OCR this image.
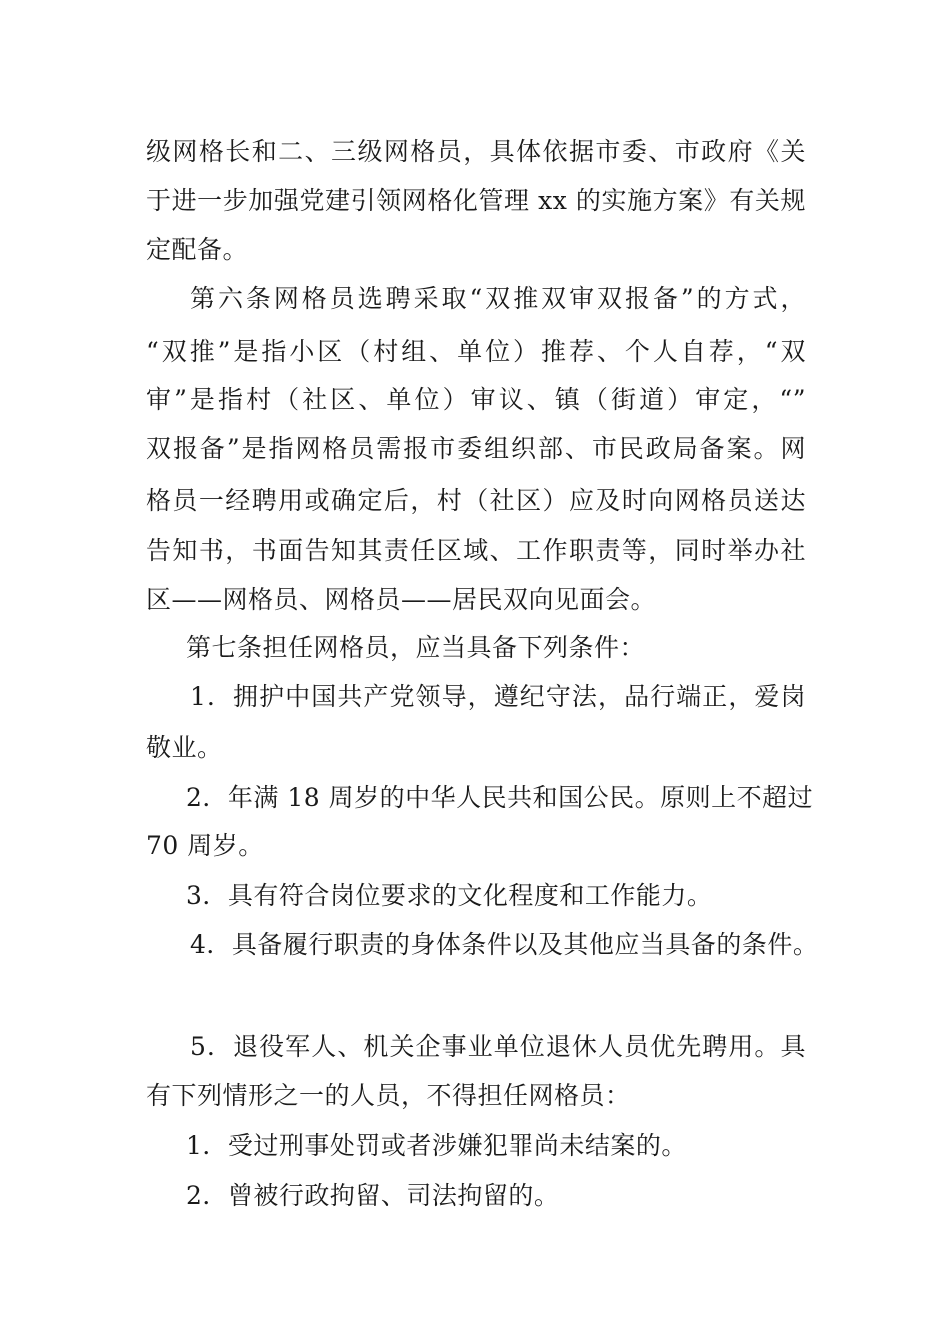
级网格长和二、三级网格员，具体依据市委、市政府《关
于进一步加强党建引领网格化管理 xx 的实施方案》有关规
定配备。
第六条网格员选聘采取“双推双审双报备”的方式，
“双推”是指小区（村组、单位）推荐、个人自荐，“双
审”是指村（社区、单位）审议、镇（街道）审定，“”
双报备”是指网格员需报市委组织部、市民政局备案。网
格员一经聘用或确定后，村（社区）应及时向网格员送达
告知书，书面告知其责任区域、工作职责等，同时举办社
区——网格员、网格员——居民双向见面会。
第七条担任网格员，应当具备下列条件：
1．拥护中国共产党领导，遵纪守法，品行端正，爱岗
敬业。
2．年满 18 周岁的中华人民共和国公民。原则上不超过
70 周岁。
3．具有符合岗位要求的文化程度和工作能力。
4．具备履行职责的身体条件以及其他应当具备的条件。
5．退役军人、机关企事业单位退休人员优先聘用。具
有下列情形之一的人员，不得担任网格员：
1．受过刑事处罚或者涉嫌犯罪尚未结案的。
2．曾被行政拘留、司法拘留的。
